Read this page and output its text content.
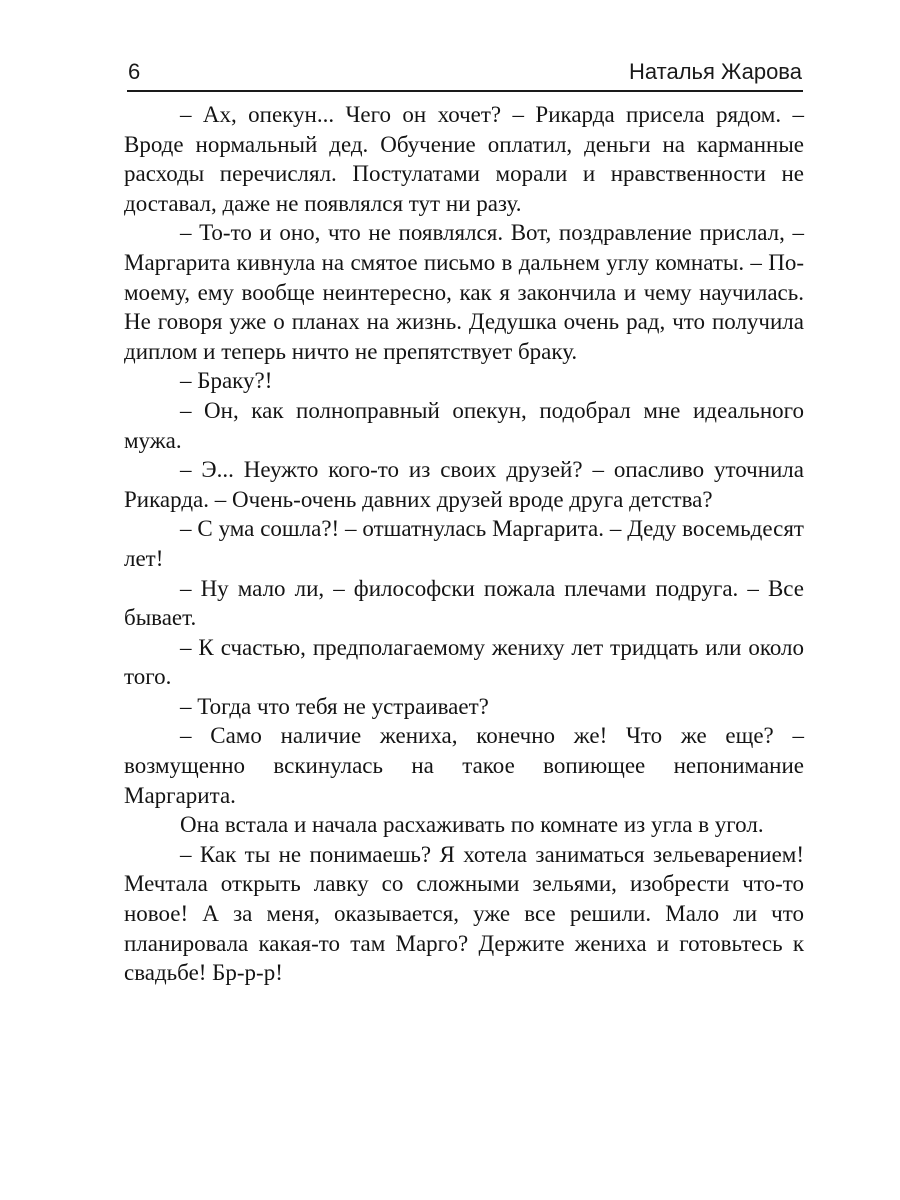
6	Наталья Жарова

– Ах, опекун... Чего он хочет? – Рикарда присела рядом. – Вроде нормальный дед. Обучение оплатил, деньги на карманные расходы перечислял. Постулатами морали и нравственности не доставал, даже не появлялся тут ни разу.

– То-то и оно, что не появлялся. Вот, поздравление прислал, – Маргарита кивнула на смятое письмо в дальнем углу комнаты. – По-моему, ему вообще неинтересно, как я закончила и чему научилась. Не говоря уже о планах на жизнь. Дедушка очень рад, что получила диплом и теперь ничто не препятствует браку.

– Браку?!

– Он, как полноправный опекун, подобрал мне идеального мужа.

– Э... Неужто кого-то из своих друзей? – опасливо уточнила Рикарда. – Очень-очень давних друзей вроде друга детства?

– С ума сошла?! – отшатнулась Маргарита. – Деду восемьдесят лет!

– Ну мало ли, – философски пожала плечами подруга. – Все бывает.

– К счастью, предполагаемому жениху лет тридцать или около того.

– Тогда что тебя не устраивает?

– Само наличие жениха, конечно же! Что же еще? – возмущенно вскинулась на такое вопиющее непонимание Маргарита.

Она встала и начала расхаживать по комнате из угла в угол.

– Как ты не понимаешь? Я хотела заниматься зельеварением! Мечтала открыть лавку со сложными зельями, изобрести что-то новое! А за меня, оказывается, уже все решили. Мало ли что планировала какая-то там Марго? Держите жениха и готовьтесь к свадьбе! Бр-р-р!
